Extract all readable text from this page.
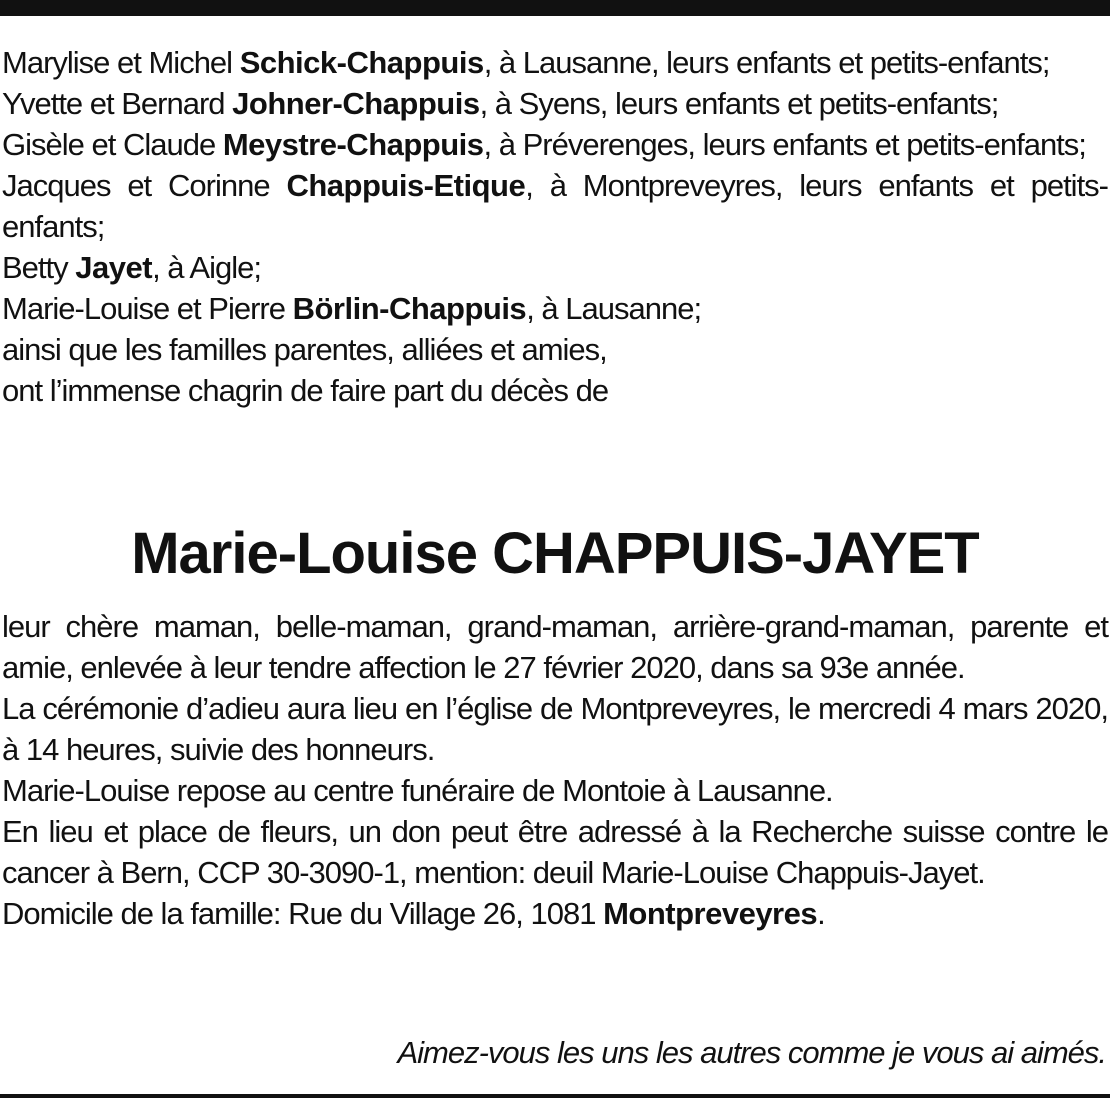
Marylise et Michel Schick-Chappuis, à Lausanne, leurs enfants et petits-enfants;
Yvette et Bernard Johner-Chappuis, à Syens, leurs enfants et petits-enfants;
Gisèle et Claude Meystre-Chappuis, à Préverenges, leurs enfants et petits-enfants;
Jacques et Corinne Chappuis-Etique, à Montpreveyres, leurs enfants et petits-enfants;
Betty Jayet, à Aigle;
Marie-Louise et Pierre Börlin-Chappuis, à Lausanne;
ainsi que les familles parentes, alliées et amies,
ont l’immense chagrin de faire part du décès de
Marie-Louise CHAPPUIS-JAYET

leur chère maman, belle-maman, grand-maman, arrière-grand-maman, parente et amie, enlevée à leur tendre affection le 27 février 2020, dans sa 93e année.

La cérémonie d’adieu aura lieu en l’église de Montpreveyres, le mercredi 4 mars 2020, à 14 heures, suivie des honneurs.

Marie-Louise repose au centre funéraire de Montoie à Lausanne.

En lieu et place de fleurs, un don peut être adressé à la Recherche suisse contre le cancer à Bern, CCP 30-3090-1, mention: deuil Marie-Louise Chappuis-Jayet.

Domicile de la famille: Rue du Village 26, 1081 Montpreveyres.

Aimez-vous les uns les autres comme je vous ai aimés.
